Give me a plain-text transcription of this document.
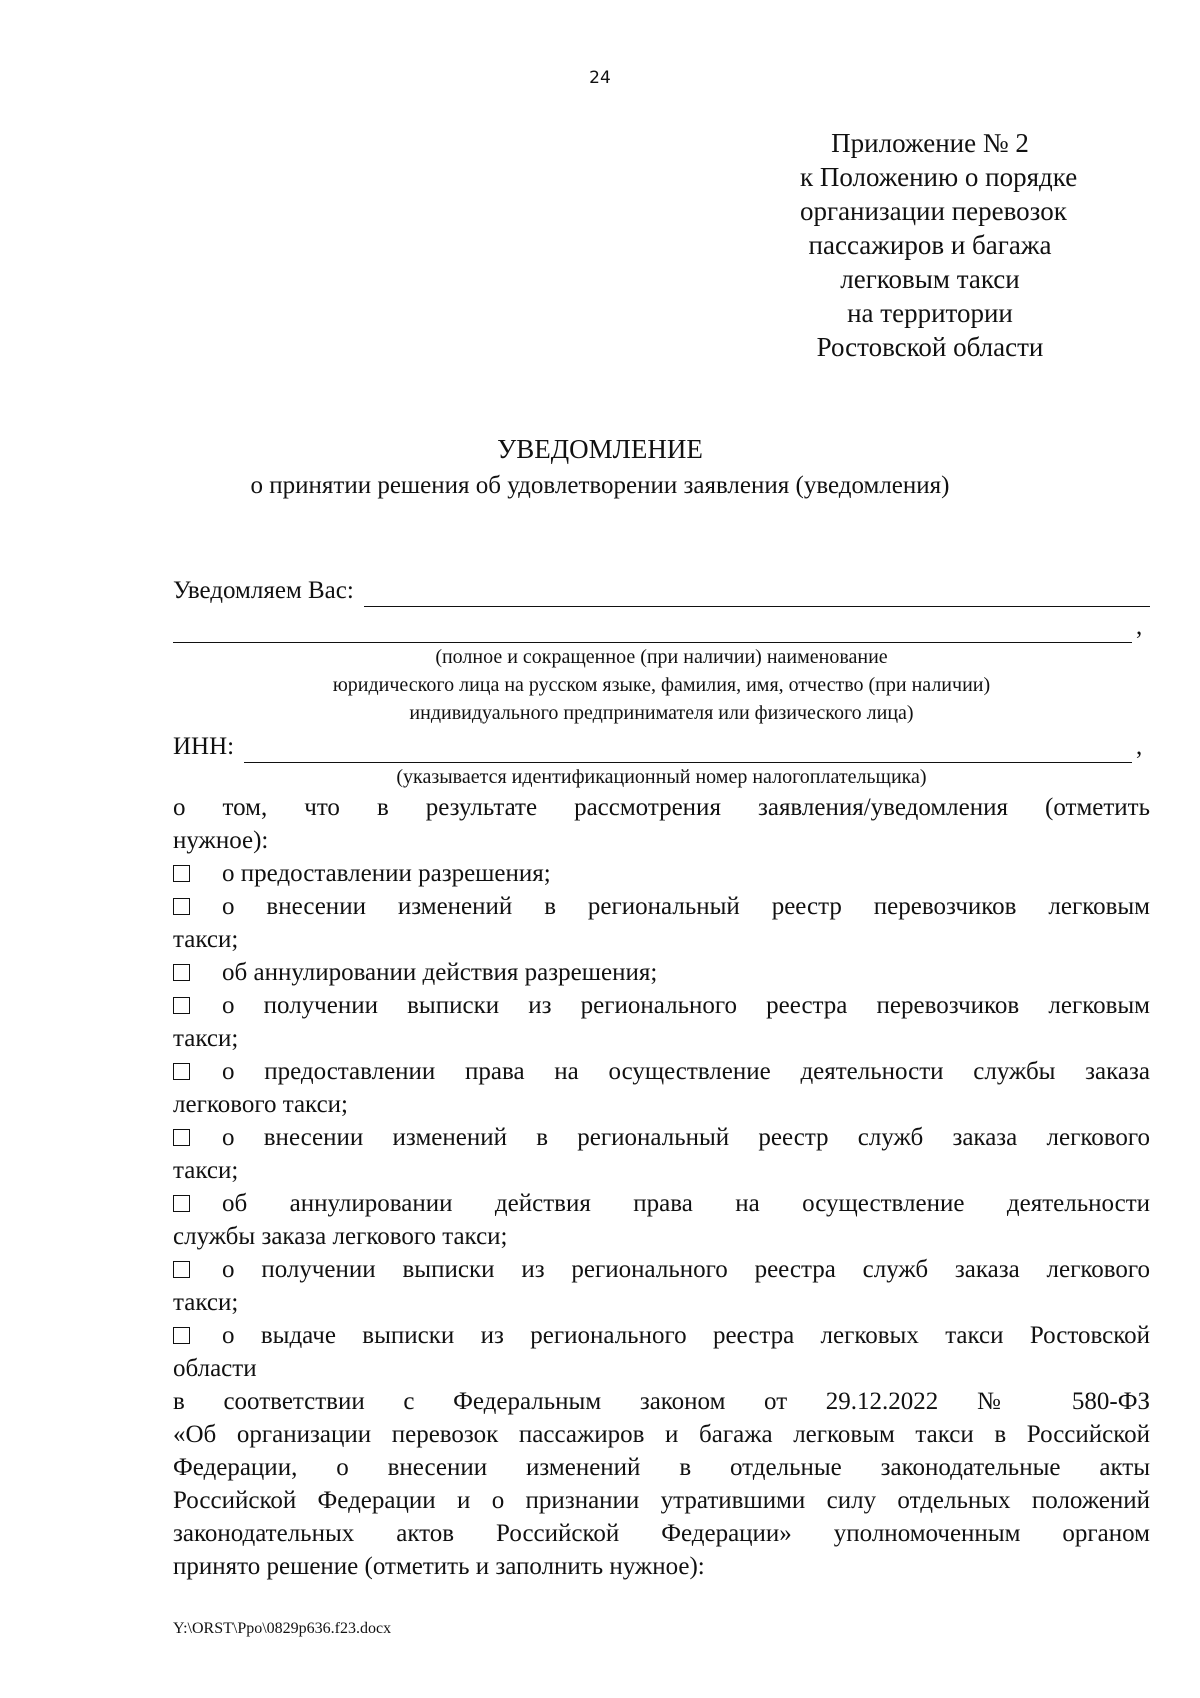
24
Приложение № 2
к Положению о порядке
организации перевозок
пассажиров и багажа
легковым такси
на территории
Ростовской области
УВЕДОМЛЕНИЕ
о принятии решения об удовлетворении заявления (уведомления)
Уведомляем Вас:
,
(полное и сокращенное (при наличии) наименование
юридического лица на русском языке, фамилия, имя, отчество (при наличии)
индивидуального предпринимателя или физического лица)
ИНН:	,
(указывается идентификационный номер налогоплательщика)
о том, что в результате рассмотрения заявления/уведомления (отметить
нужное):
о предоставлении разрешения;
о внесении изменений в региональный реестр перевозчиков легковым
такси;
об аннулировании действия разрешения;
о получении выписки из регионального реестра перевозчиков легковым
такси;
о предоставлении права на осуществление деятельности службы заказа
легкового такси;
о внесении изменений в региональный реестр служб заказа легкового
такси;
об аннулировании действия права на осуществление деятельности
службы заказа легкового такси;
о получении выписки из регионального реестра служб заказа легкового
такси;
о выдаче выписки из регионального реестра легковых такси Ростовской
области
в соответствии с Федеральным законом от 29.12.2022 № 580-ФЗ
«Об организации перевозок пассажиров и багажа легковым такси в Российской
Федерации, о внесении изменений в отдельные законодательные акты
Российской Федерации и о признании утратившими силу отдельных положений
законодательных актов Российской Федерации» уполномоченным органом
принято решение (отметить и заполнить нужное):
Y:\ORST\Ppo\0829p636.f23.docx
